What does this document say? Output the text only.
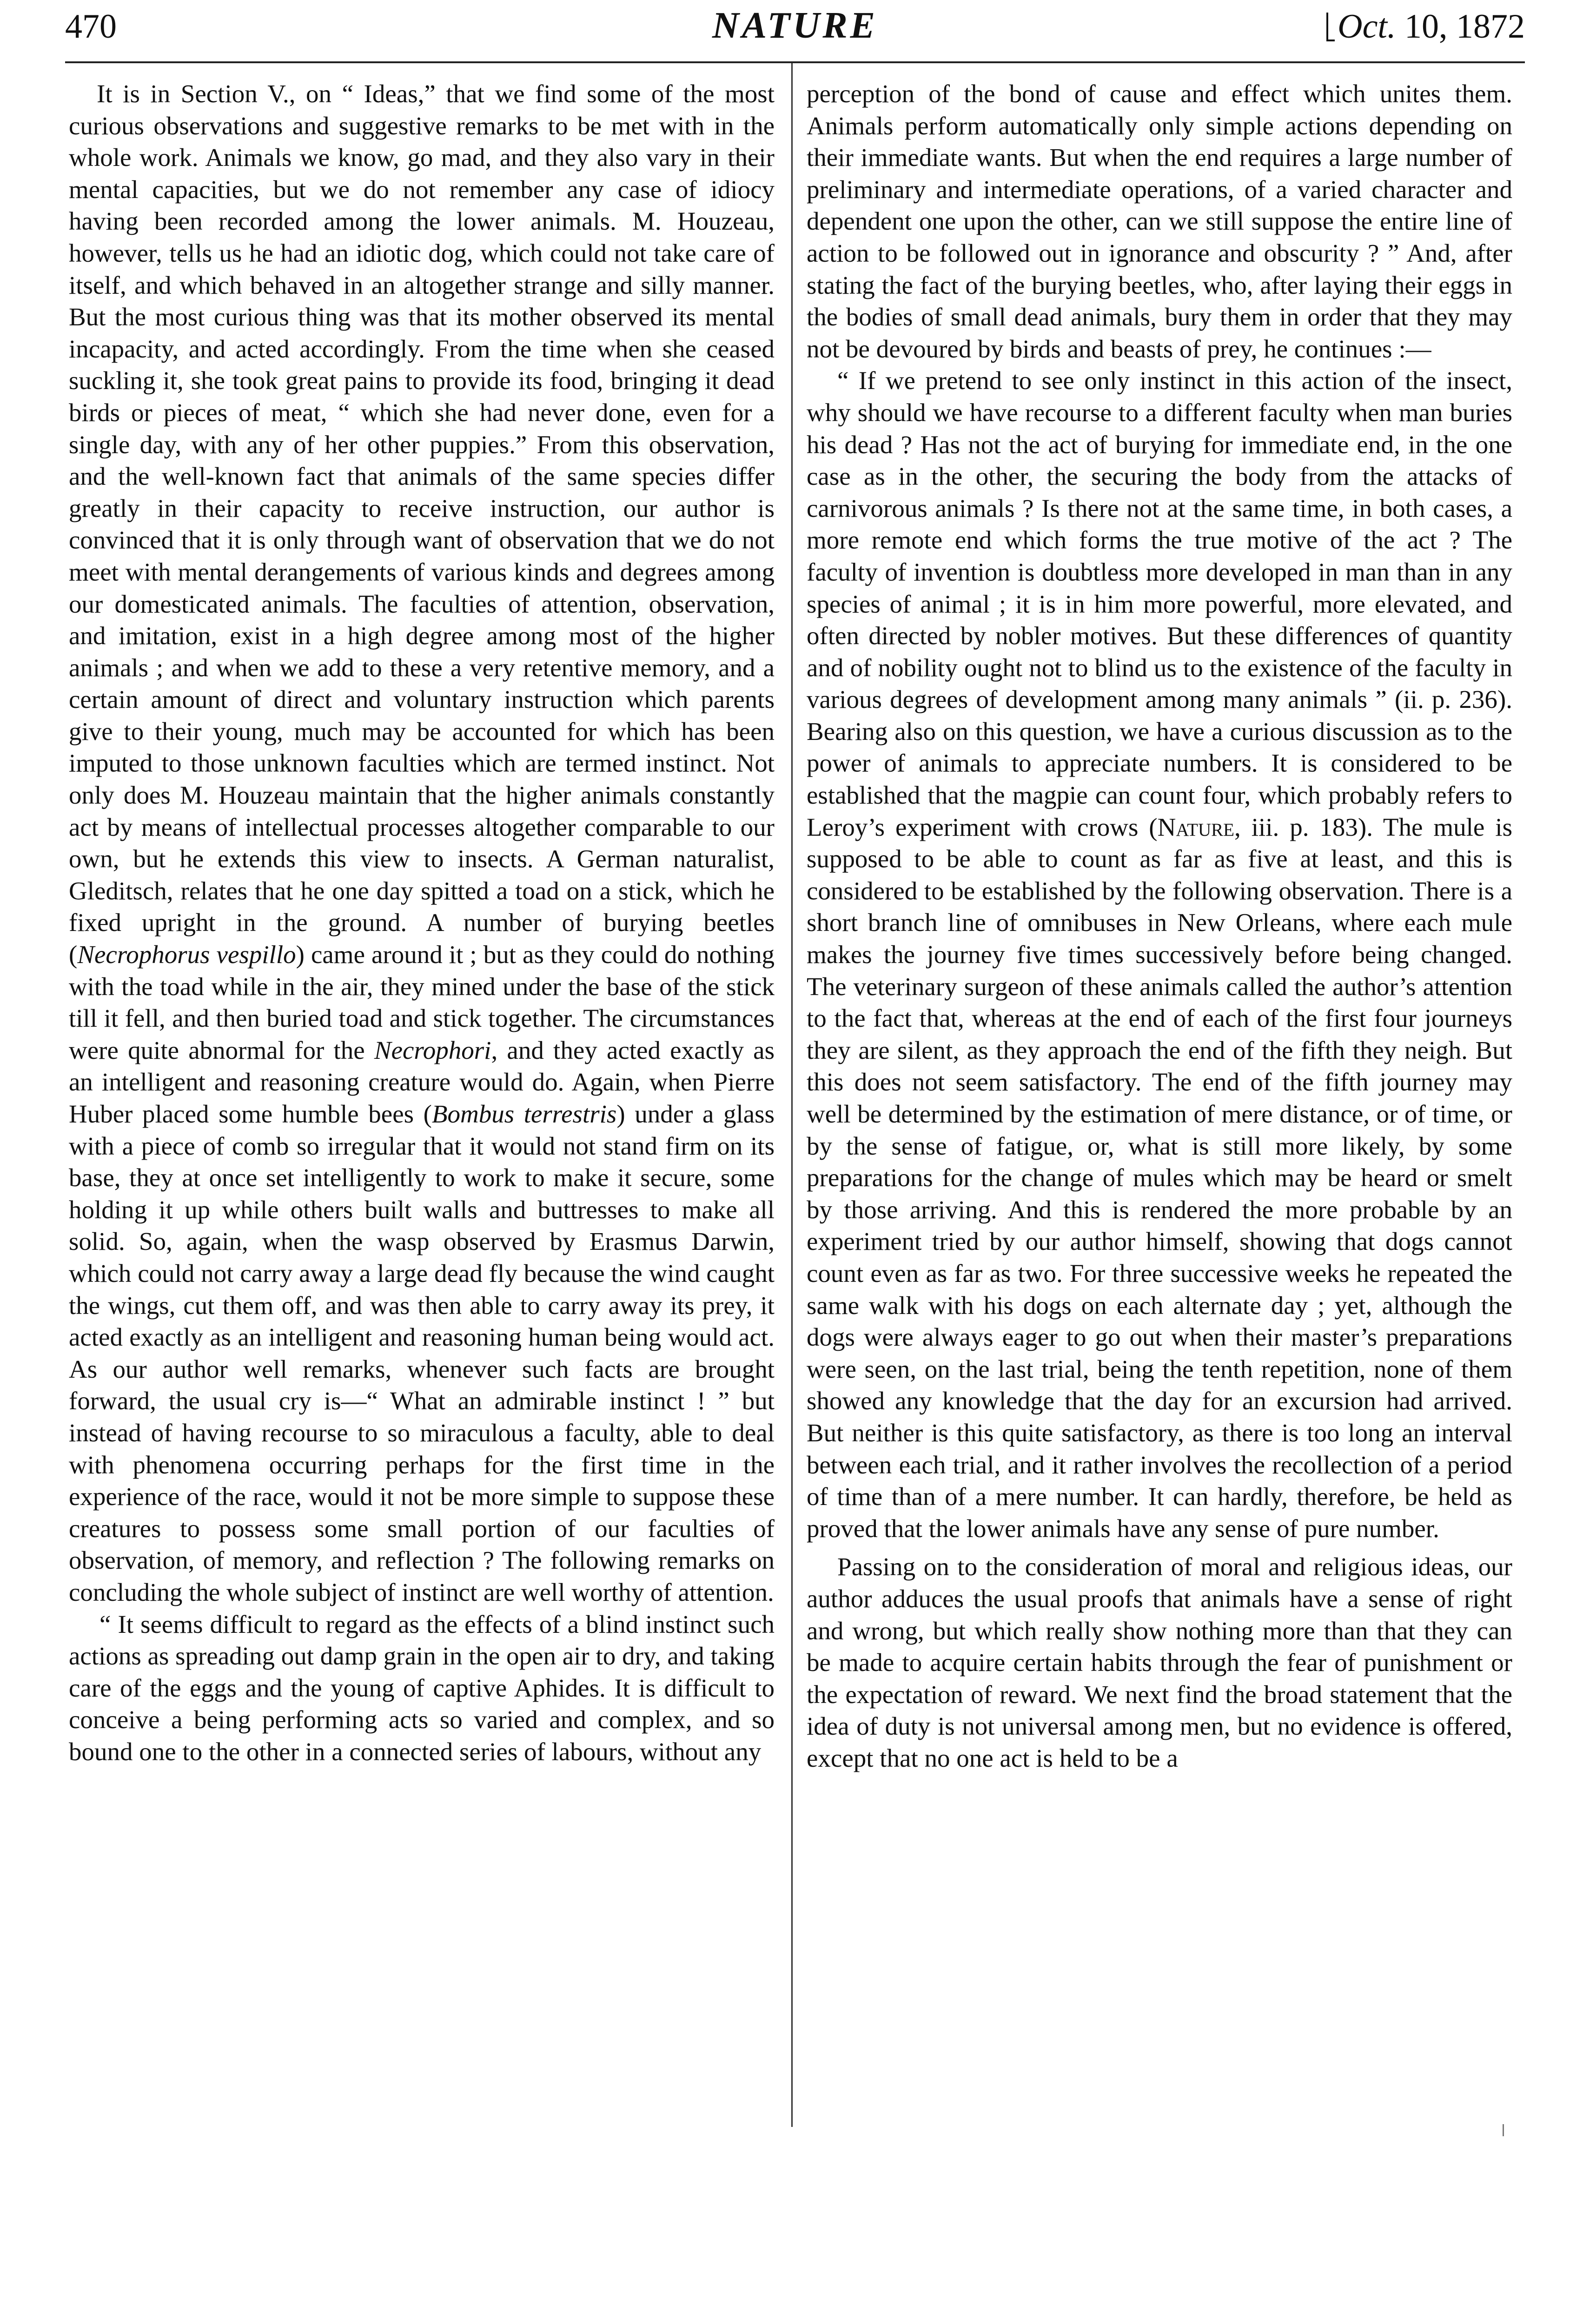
470	NATURE	Oct. 10, 1872

It is in Section V., on “ Ideas,” that we find some of the most curious observations and suggestive remarks to be met with in the whole work. Animals we know, go mad, and they also vary in their mental capacities, but we do not remember any case of idiocy having been recorded among the lower animals. M. Houzeau, however, tells us he had an idiotic dog, which could not take care of itself, and which behaved in an altogether strange and silly manner. But the most curious thing was that its mother observed its mental incapacity, and acted accordingly. From the time when she ceased suckling it, she took great pains to provide its food, bringing it dead birds or pieces of meat, “ which she had never done, even for a single day, with any of her other puppies.” From this observation, and the well-known fact that animals of the same species differ greatly in their capacity to receive instruction, our author is convinced that it is only through want of observation that we do not meet with mental derangements of various kinds and degrees among our domesticated animals. The faculties of attention, observation, and imitation, exist in a high degree among most of the higher animals ; and when we add to these a very retentive memory, and a certain amount of direct and voluntary instruction which parents give to their young, much may be accounted for which has been imputed to those unknown faculties which are termed instinct. Not only does M. Houzeau maintain that the higher animals constantly act by means of intellectual processes altogether comparable to our own, but he extends this view to insects. A German naturalist, Gleditsch, relates that he one day spitted a toad on a stick, which he fixed upright in the ground. A number of burying beetles (Necrophorus vespillo) came around it ; but as they could do nothing with the toad while in the air, they mined under the base of the stick till it fell, and then buried toad and stick together. The circumstances were quite abnormal for the Necrophori, and they acted exactly as an intelligent and reasoning creature would do. Again, when Pierre Huber placed some humble bees (Bombus terrestris) under a glass with a piece of comb so irregular that it would not stand firm on its base, they at once set intelligently to work to make it secure, some holding it up while others built walls and buttresses to make all solid. So, again, when the wasp observed by Erasmus Darwin, which could not carry away a large dead fly because the wind caught the wings, cut them off, and was then able to carry away its prey, it acted exactly as an intelligent and reasoning human being would act. As our author well remarks, whenever such facts are brought forward, the usual cry is—“ What an admirable instinct ! ” but instead of having recourse to so miraculous a faculty, able to deal with phenomena occurring perhaps for the first time in the experience of the race, would it not be more simple to suppose these creatures to possess some small portion of our faculties of observation, of memory, and reflection ? The following remarks on concluding the whole subject of instinct are well worthy of attention.

“ It seems difficult to regard as the effects of a blind instinct such actions as spreading out damp grain in the open air to dry, and taking care of the eggs and the young of captive Aphides. It is difficult to conceive a being performing acts so varied and complex, and so bound one to the other in a connected series of labours, without any

perception of the bond of cause and effect which unites them. Animals perform automatically only simple actions depending on their immediate wants. But when the end requires a large number of preliminary and intermediate operations, of a varied character and dependent one upon the other, can we still suppose the entire line of action to be followed out in ignorance and obscurity ? ” And, after stating the fact of the burying beetles, who, after laying their eggs in the bodies of small dead animals, bury them in order that they may not be devoured by birds and beasts of prey, he continues :—

“ If we pretend to see only instinct in this action of the insect, why should we have recourse to a different faculty when man buries his dead ? Has not the act of burying for immediate end, in the one case as in the other, the securing the body from the attacks of carnivorous animals ? Is there not at the same time, in both cases, a more remote end which forms the true motive of the act ? The faculty of invention is doubtless more developed in man than in any species of animal ; it is in him more powerful, more elevated, and often directed by nobler motives. But these differences of quantity and of nobility ought not to blind us to the existence of the faculty in various degrees of development among many animals ” (ii. p. 236). Bearing also on this question, we have a curious discussion as to the power of animals to appreciate numbers. It is considered to be established that the magpie can count four, which probably refers to Leroy’s experiment with crows (Nature, iii. p. 183). The mule is supposed to be able to count as far as five at least, and this is considered to be established by the following observation. There is a short branch line of omnibuses in New Orleans, where each mule makes the journey five times successively before being changed. The veterinary surgeon of these animals called the author’s attention to the fact that, whereas at the end of each of the first four journeys they are silent, as they approach the end of the fifth they neigh. But this does not seem satisfactory. The end of the fifth journey may well be determined by the estimation of mere distance, or of time, or by the sense of fatigue, or, what is still more likely, by some preparations for the change of mules which may be heard or smelt by those arriving. And this is rendered the more probable by an experiment tried by our author himself, showing that dogs cannot count even as far as two. For three successive weeks he repeated the same walk with his dogs on each alternate day ; yet, although the dogs were always eager to go out when their master’s preparations were seen, on the last trial, being the tenth repetition, none of them showed any knowledge that the day for an excursion had arrived. But neither is this quite satisfactory, as there is too long an interval between each trial, and it rather involves the recollection of a period of time than of a mere number. It can hardly, therefore, be held as proved that the lower animals have any sense of pure number.

Passing on to the consideration of moral and religious ideas, our author adduces the usual proofs that animals have a sense of right and wrong, but which really show nothing more than that they can be made to acquire certain habits through the fear of punishment or the expectation of reward. We next find the broad statement that the idea of duty is not universal among men, but no evidence is offered, except that no one act is held to be a
